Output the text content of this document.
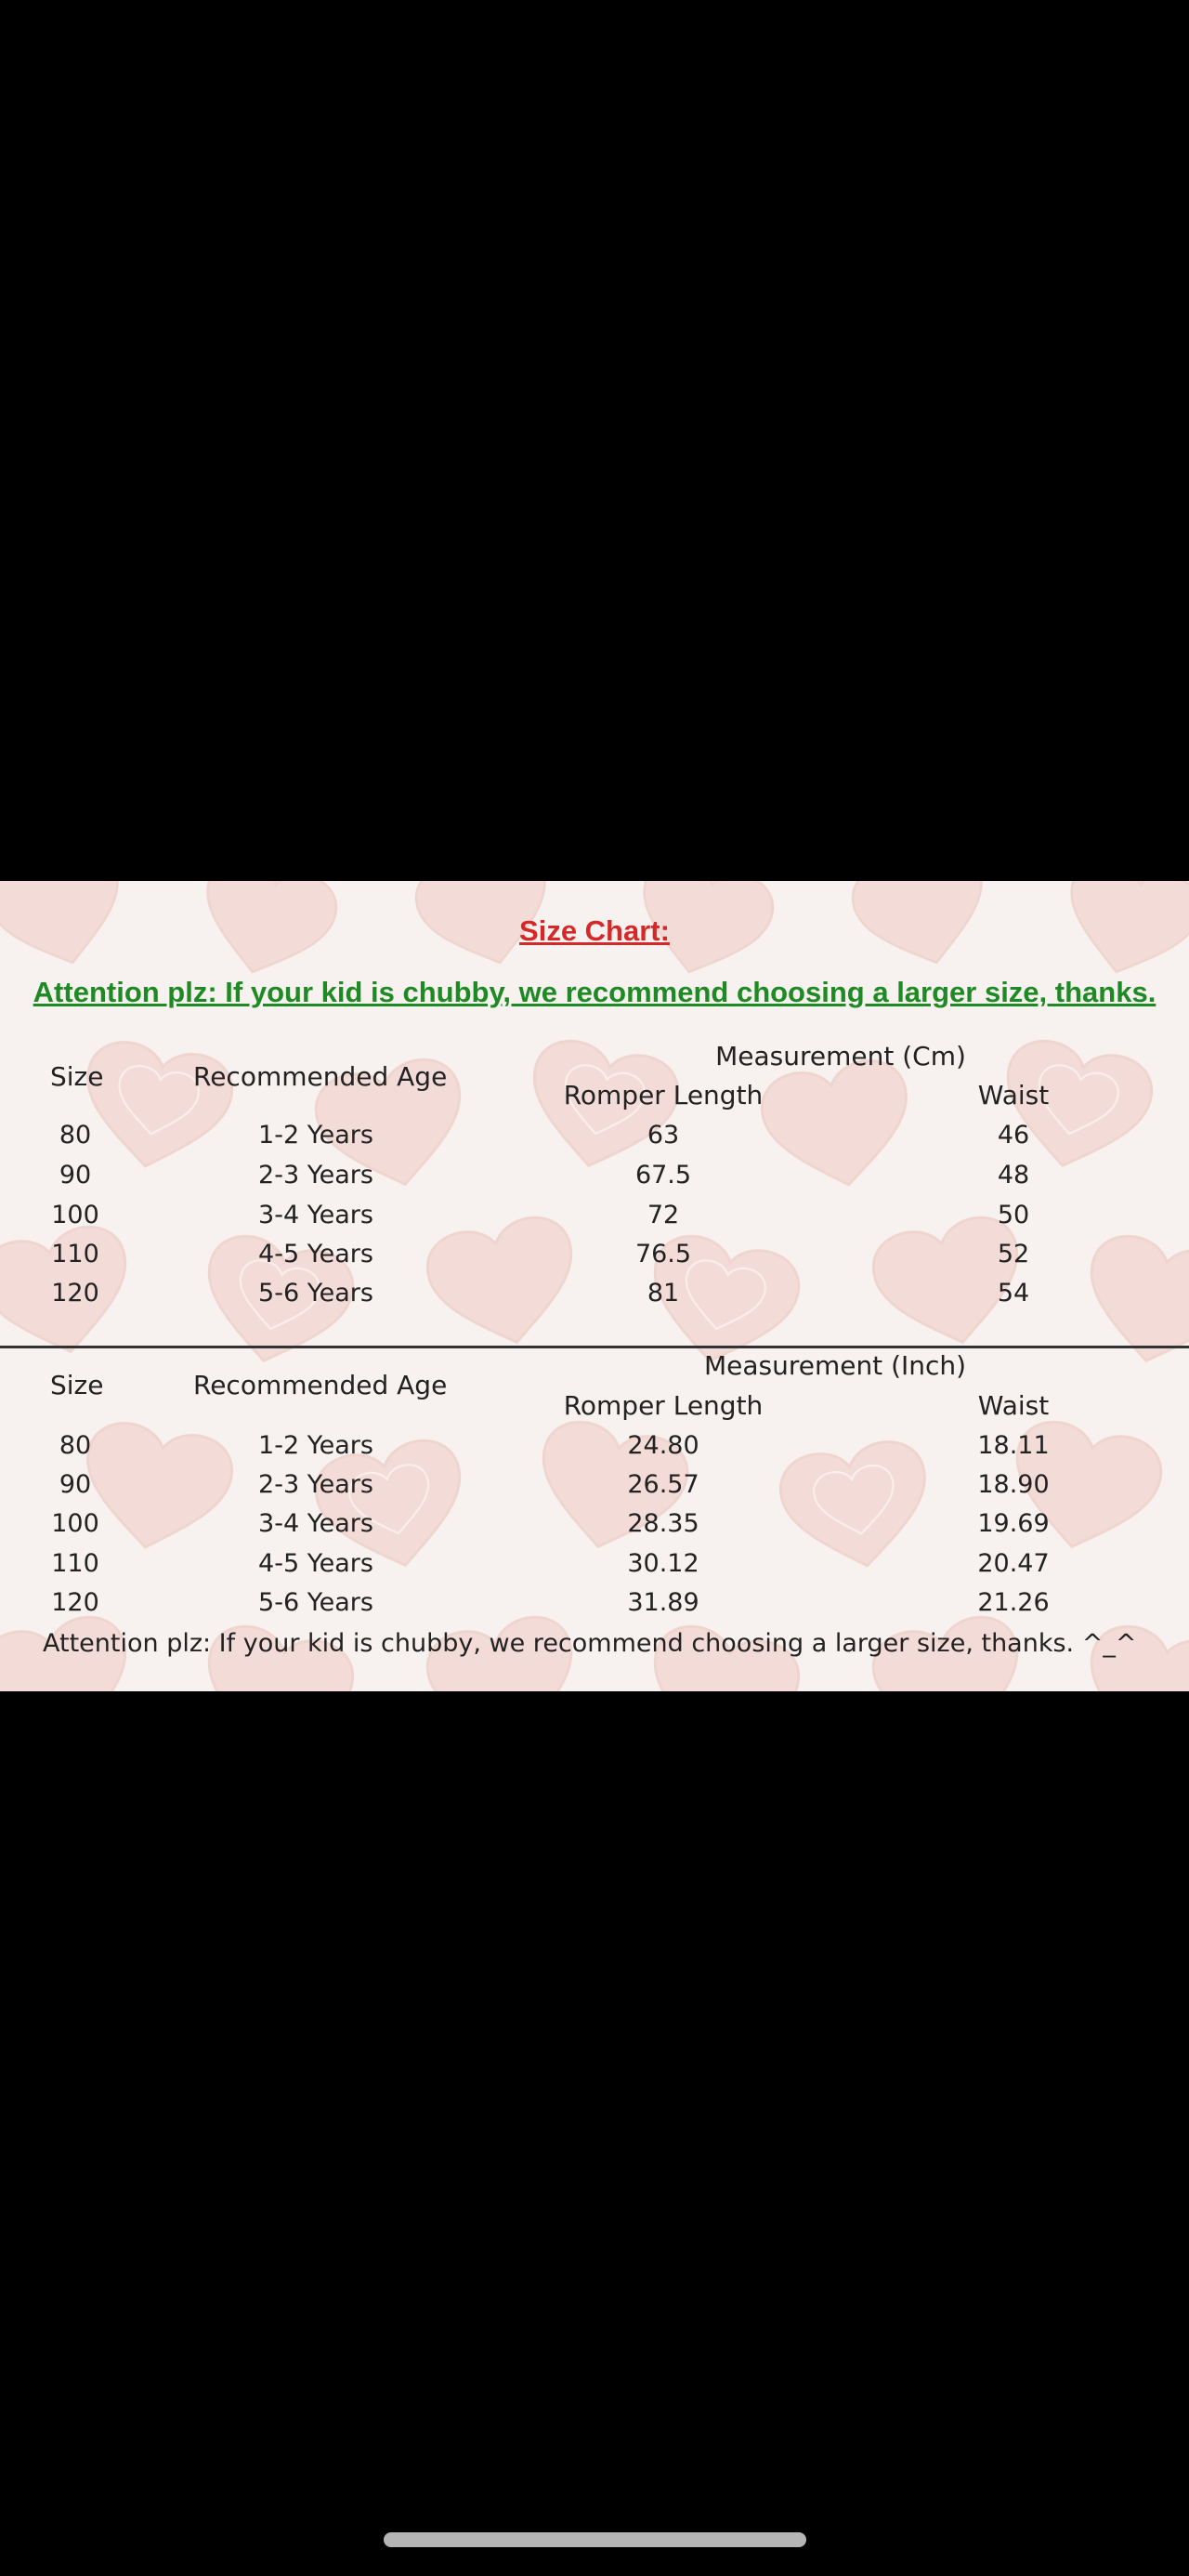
Size Chart:
Attention plz: If your kid is chubby, we recommend choosing a larger size, thanks.
Measurement (Cm)
Size	Recommended Age
Romper Length	Waist
80	1-2 Years	63	46
90	2-3 Years	67.5	48
100	3-4 Years	72	50
110	4-5 Years	76.5	52
120	5-6 Years	81	54
Measurement (Inch)
Size	Recommended Age
Romper Length	Waist
80	1-2 Years	24.80	18.11
90	2-3 Years	26.57	18.90
100	3-4 Years	28.35	19.69
110	4-5 Years	30.12	20.47
120	5-6 Years	31.89	21.26
Attention plz: If your kid is chubby, we recommend choosing a larger size, thanks. ^_^
